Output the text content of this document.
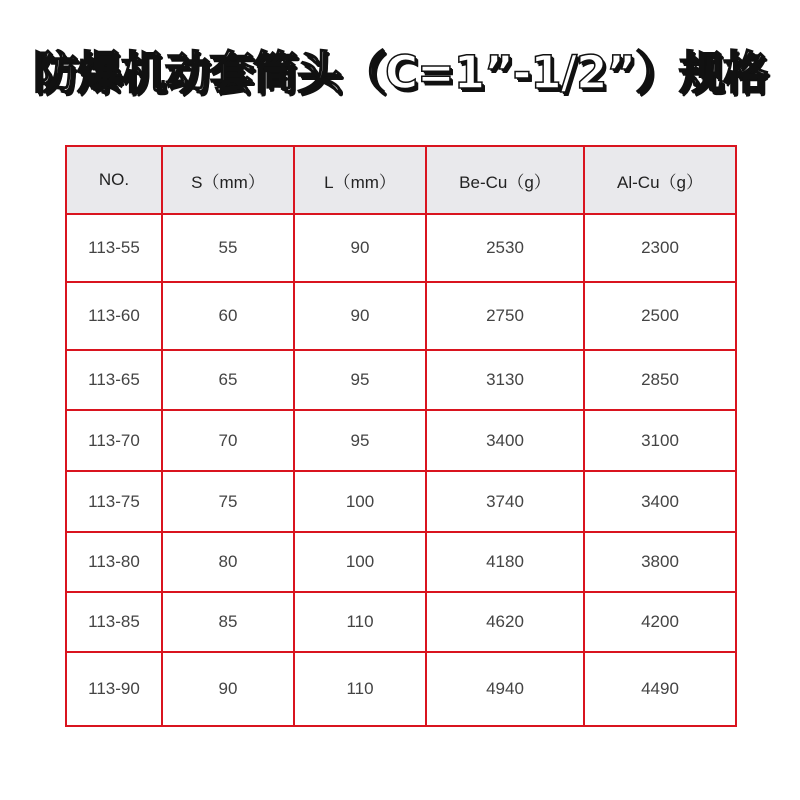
防爆机动套筒头（C=1”-1/2”）规格
NO.	S（mm）	L（mm）	Be-Cu（g）	Al-Cu（g）
113-55	55	90	2530	2300
113-60	60	90	2750	2500
113-65	65	95	3130	2850
113-70	70	95	3400	3100
113-75	75	100	3740	3400
113-80	80	100	4180	3800
113-85	85	110	4620	4200
113-90	90	110	4940	4490
